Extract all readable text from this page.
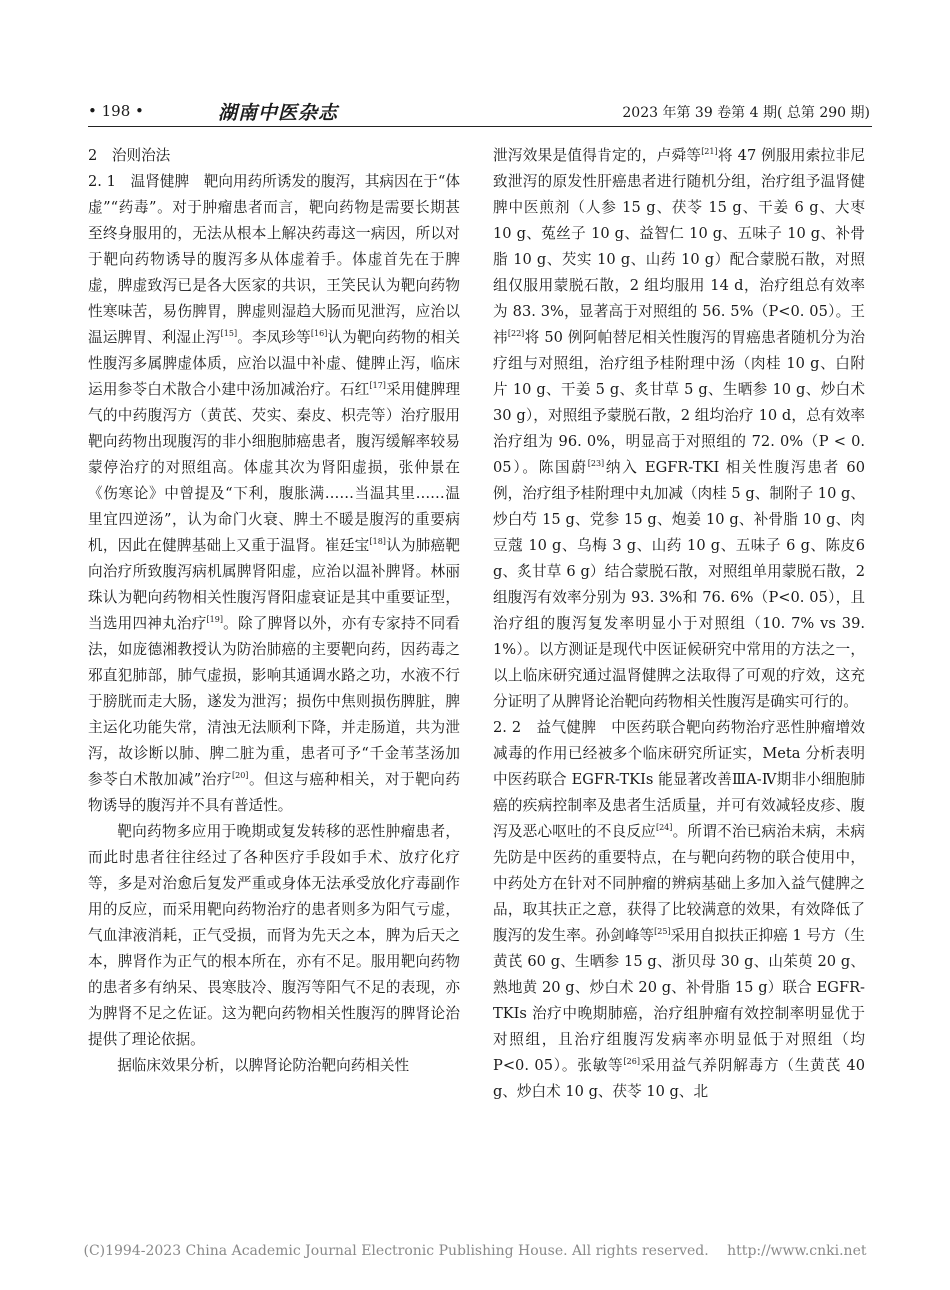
• 198 •	湖南中医杂志	2023 年第 39 卷第 4 期( 总第 290 期)

2　治则治法

2. 1　温肾健脾　靶向用药所诱发的腹泻，其病因在于“体虚”“药毒”。对于肿瘤患者而言，靶向药物是需要长期甚至终身服用的，无法从根本上解决药毒这一病因，所以对于靶向药物诱导的腹泻多从体虚着手。体虚首先在于脾虚，脾虚致泻已是各大医家的共识，王笑民认为靶向药物性寒味苦，易伤脾胃，脾虚则湿趋大肠而见泄泻，应治以温运脾胃、利湿止泻[15]。李凤珍等[16]认为靶向药物的相关性腹泻多属脾虚体质，应治以温中补虚、健脾止泻，临床运用参苓白术散合小建中汤加减治疗。石红[17]采用健脾理气的中药腹泻方（黄芪、芡实、秦皮、枳壳等）治疗服用靶向药物出现腹泻的非小细胞肺癌患者，腹泻缓解率较易蒙停治疗的对照组高。体虚其次为肾阳虚损，张仲景在《伤寒论》中曾提及“下利，腹胀满……当温其里……温里宜四逆汤”，认为命门火衰、脾土不暖是腹泻的重要病机，因此在健脾基础上又重于温肾。崔廷宝[18]认为肺癌靶向治疗所致腹泻病机属脾肾阳虚，应治以温补脾肾。林丽珠认为靶向药物相关性腹泻肾阳虚衰证是其中重要证型，当选用四神丸治疗[19]。除了脾肾以外，亦有专家持不同看法，如庞德湘教授认为防治肺癌的主要靶向药，因药毒之邪直犯肺部，肺气虚损，影响其通调水路之功，水液不行于膀胱而走大肠，遂发为泄泻；损伤中焦则损伤脾脏，脾主运化功能失常，清浊无法顺利下降，并走肠道，共为泄泻，故诊断以肺、脾二脏为重，患者可予“千金苇茎汤加参苓白术散加减”治疗[20]。但这与癌种相关，对于靶向药物诱导的腹泻并不具有普适性。

靶向药物多应用于晚期或复发转移的恶性肿瘤患者，而此时患者往往经过了各种医疗手段如手术、放疗化疗等，多是对治愈后复发严重或身体无法承受放化疗毒副作用的反应，而采用靶向药物治疗的患者则多为阳气亏虚，气血津液消耗，正气受损，而肾为先天之本，脾为后天之本，脾肾作为正气的根本所在，亦有不足。服用靶向药物的患者多有纳呆、畏寒肢冷、腹泻等阳气不足的表现，亦为脾肾不足之佐证。这为靶向药物相关性腹泻的脾肾论治提供了理论依据。

据临床效果分析，以脾肾论防治靶向药相关性

泄泻效果是值得肯定的，卢舜等[21]将 47 例服用索拉非尼致泄泻的原发性肝癌患者进行随机分组，治疗组予温肾健脾中医煎剂（人参 15 g、茯苓 15 g、干姜 6 g、大枣 10 g、菟丝子 10 g、益智仁 10 g、五味子 10 g、补骨脂 10 g、芡实 10 g、山药 10 g）配合蒙脱石散，对照组仅服用蒙脱石散，2 组均服用 14 d，治疗组总有效率为 83. 3%，显著高于对照组的 56. 5%（P<0. 05）。王祎[22]将 50 例阿帕替尼相关性腹泻的胃癌患者随机分为治疗组与对照组，治疗组予桂附理中汤（肉桂 10 g、白附片 10 g、干姜 5 g、炙甘草 5 g、生晒参 10 g、炒白术 30 g），对照组予蒙脱石散，2 组均治疗 10 d，总有效率治疗组为 96. 0%，明显高于对照组的 72. 0%（P < 0. 05）。陈国蔚[23]纳入 EGFR-TKI 相关性腹泻患者 60 例，治疗组予桂附理中丸加减（肉桂 5 g、制附子 10 g、炒白芍 15 g、党参 15 g、炮姜 10 g、补骨脂 10 g、肉豆蔻 10 g、乌梅 3 g、山药 10 g、五味子 6 g、陈皮6 g、炙甘草 6 g）结合蒙脱石散，对照组单用蒙脱石散，2 组腹泻有效率分别为 93. 3%和 76. 6%（P<0. 05），且治疗组的腹泻复发率明显小于对照组（10. 7% vs 39. 1%）。以方测证是现代中医证候研究中常用的方法之一，以上临床研究通过温肾健脾之法取得了可观的疗效，这充分证明了从脾肾论治靶向药物相关性腹泻是确实可行的。

2. 2　益气健脾　中医药联合靶向药物治疗恶性肿瘤增效减毒的作用已经被多个临床研究所证实，Meta 分析表明中医药联合 EGFR-TKIs 能显著改善ⅢA-Ⅳ期非小细胞肺癌的疾病控制率及患者生活质量，并可有效减轻皮疹、腹泻及恶心呕吐的不良反应[24]。所谓不治已病治未病，未病先防是中医药的重要特点，在与靶向药物的联合使用中，中药处方在针对不同肿瘤的辨病基础上多加入益气健脾之品，取其扶正之意，获得了比较满意的效果，有效降低了腹泻的发生率。孙剑峰等[25]采用自拟扶正抑癌 1 号方（生黄芪 60 g、生晒参 15 g、浙贝母 30 g、山茱萸 20 g、熟地黄 20 g、炒白术 20 g、补骨脂 15 g）联合 EGFR-TKIs 治疗中晚期肺癌，治疗组肿瘤有效控制率明显优于对照组，且治疗组腹泻发病率亦明显低于对照组（均 P<0. 05）。张敏等[26]采用益气养阴解毒方（生黄芪 40 g、炒白术 10 g、茯苓 10 g、北

(C)1994-2023 China Academic Journal Electronic Publishing House. All rights reserved.　 http://www.cnki.net
